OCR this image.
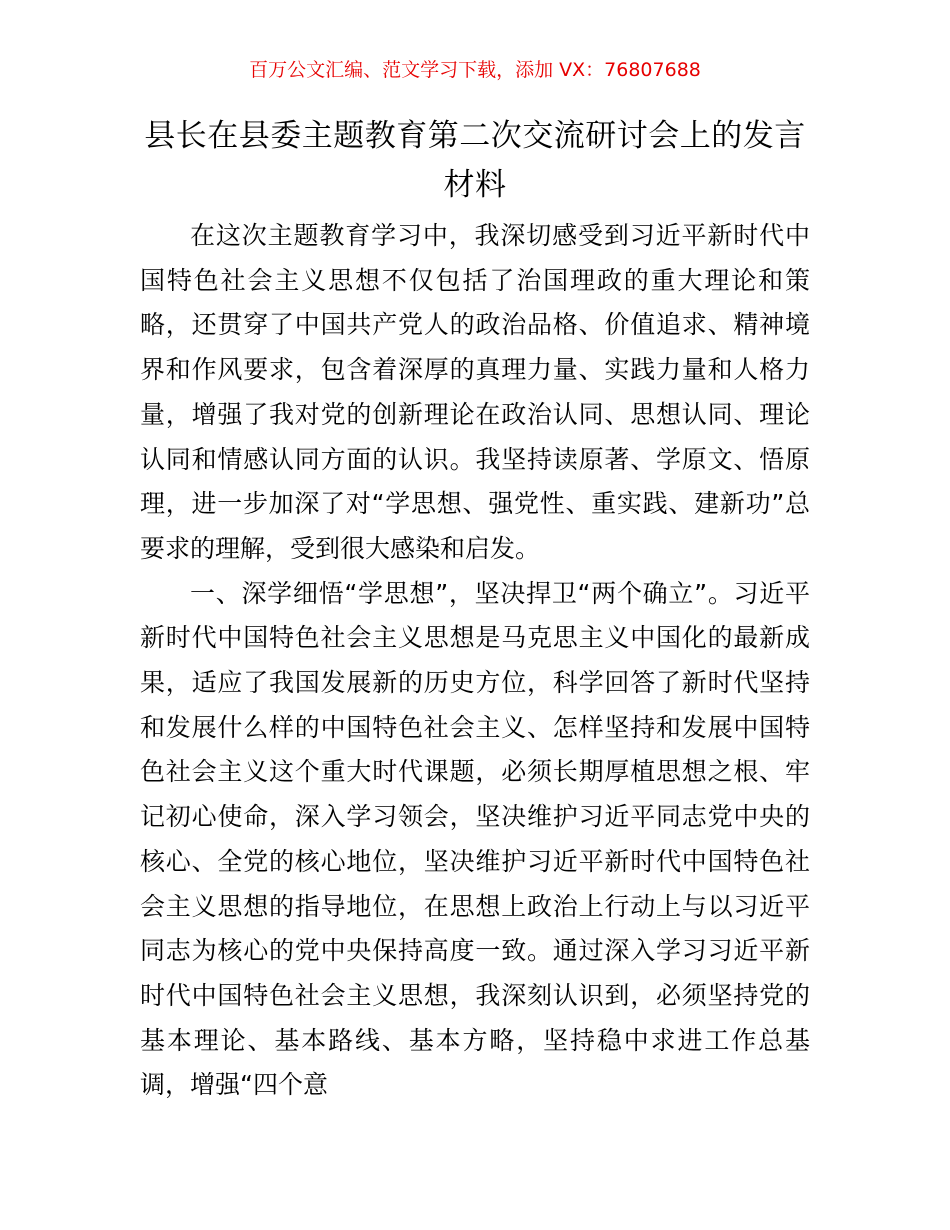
百万公文汇编、范文学习下载，添加 VX：76807688
县长在县委主题教育第二次交流研讨会上的发言材料

在这次主题教育学习中，我深切感受到习近平新时代中国特色社会主义思想不仅包括了治国理政的重大理论和策略，还贯穿了中国共产党人的政治品格、价值追求、精神境界和作风要求，包含着深厚的真理力量、实践力量和人格力量，增强了我对党的创新理论在政治认同、思想认同、理论认同和情感认同方面的认识。我坚持读原著、学原文、悟原理，进一步加深了对“学思想、强党性、重实践、建新功”总要求的理解，受到很大感染和启发。

一、深学细悟“学思想”，坚决捍卫“两个确立”。习近平新时代中国特色社会主义思想是马克思主义中国化的最新成果，适应了我国发展新的历史方位，科学回答了新时代坚持和发展什么样的中国特色社会主义、怎样坚持和发展中国特色社会主义这个重大时代课题，必须长期厚植思想之根、牢记初心使命，深入学习领会，坚决维护习近平同志党中央的核心、全党的核心地位，坚决维护习近平新时代中国特色社会主义思想的指导地位，在思想上政治上行动上与以习近平同志为核心的党中央保持高度一致。通过深入学习习近平新时代中国特色社会主义思想，我深刻认识到，必须坚持党的基本理论、基本路线、基本方略，坚持稳中求进工作总基调，增强“四个意
